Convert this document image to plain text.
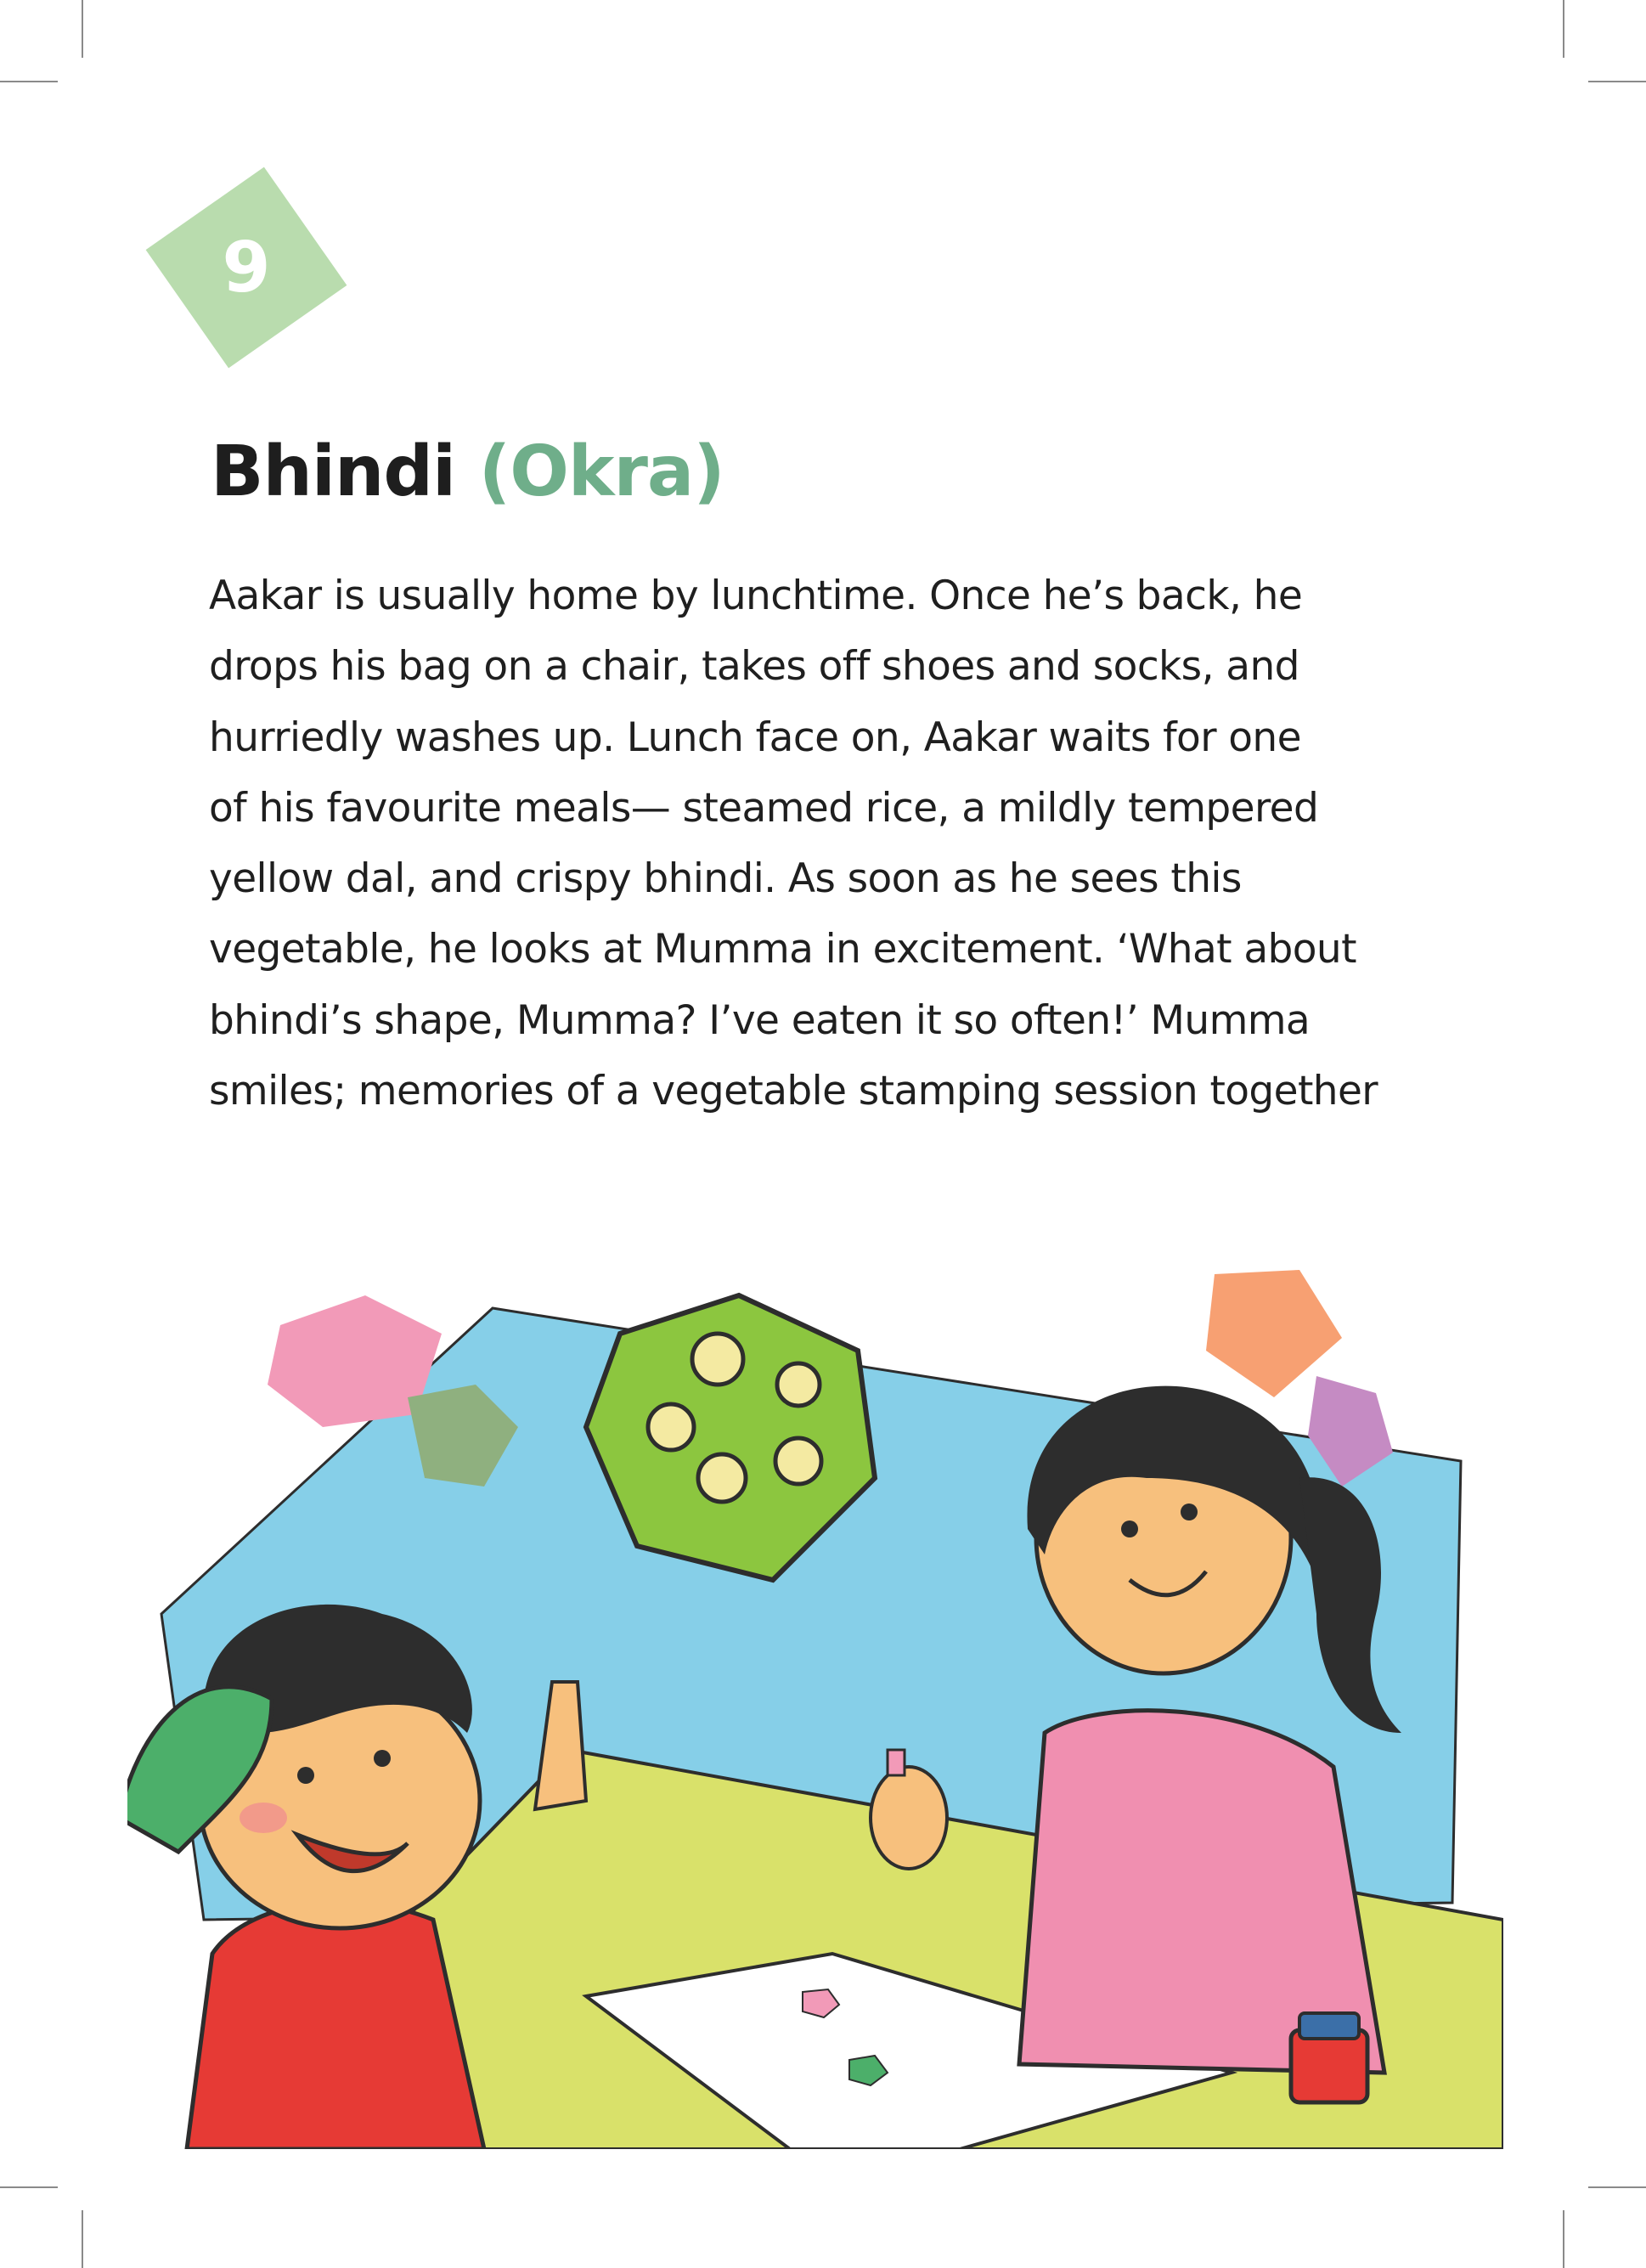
9
Bhindi (Okra)

Aakar is usually home by lunchtime. Once he’s back, he

drops his bag on a chair, takes off shoes and socks, and

hurriedly washes up. Lunch face on, Aakar waits for one

of his favourite meals— steamed rice, a mildly tempered

yellow dal, and crispy bhindi. As soon as he sees this

vegetable, he looks at Mumma in excitement. ‘What about

bhindi’s shape, Mumma? I’ve eaten it so often!’ Mumma

smiles; memories of a vegetable stamping session together
